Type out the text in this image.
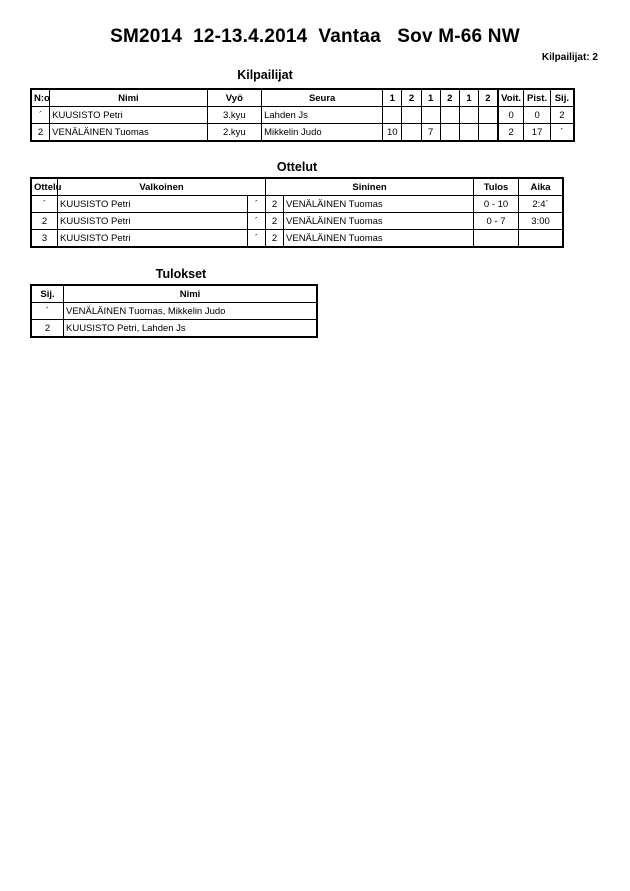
SM2014  12-13.4.2014  Vantaa   Sov M-66 NW
Kilpailijat: 2
Kilpailijat
N:o	Nimi	Vyö	Seura	1	2	1	2	1	2	Voit.	Pist.	Sij.
´	KUUSISTO Petri	3.kyu	Lahden Js							0	0	2
2	VENÄLÄINEN Tuomas	2.kyu	Mikkelin Judo	10		7				2	17	´
Ottelut
Ottelu	Valkoinen		Sininen		Tulos	Aika
´	KUUSISTO Petri	´	2	VENÄLÄINEN Tuomas	0 - 10	2:4´
2	KUUSISTO Petri	´	2	VENÄLÄINEN Tuomas	0 - 7	3:00
3	KUUSISTO Petri	´	2	VENÄLÄINEN Tuomas		
Tulokset
Sij.	Nimi
´	VENÄLÄINEN Tuomas, Mikkelin Judo
2	KUUSISTO Petri, Lahden Js
